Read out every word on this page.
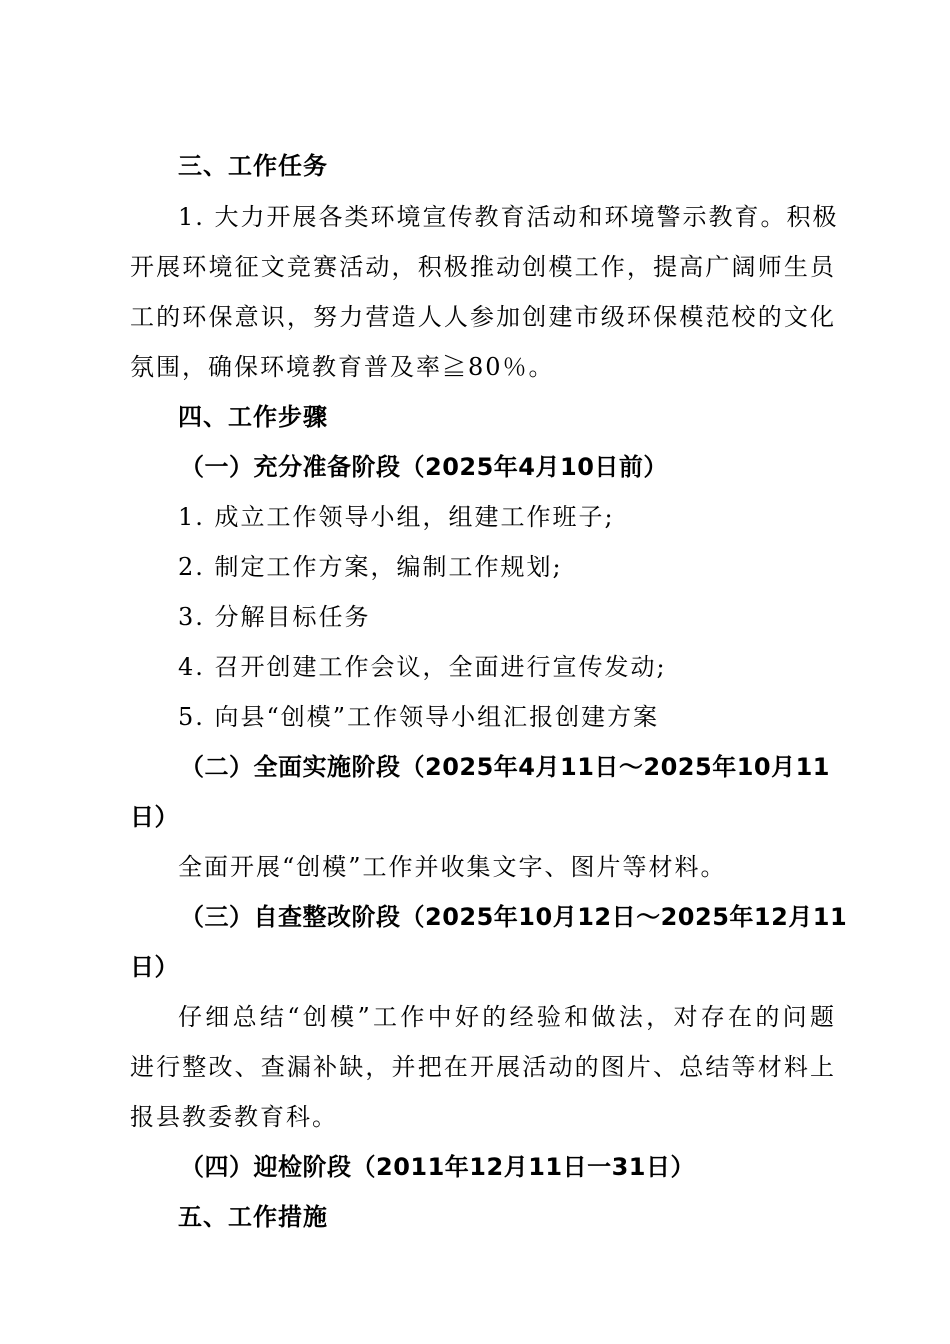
三、工作任务
1. 大力开展各类环境宣传教育活动和环境警示教育。积极
开展环境征文竞赛活动，积极推动创模工作，提高广阔师生员
工的环保意识，努力营造人人参加创建市级环保模范校的文化
氛围，确保环境教育普及率≧80％。
四、工作步骤
（一）充分准备阶段（2025年4月10日前）
1. 成立工作领导小组，组建工作班子;
2. 制定工作方案，编制工作规划;
3. 分解目标任务
4. 召开创建工作会议，全面进行宣传发动;
5. 向县“创模”工作领导小组汇报创建方案
（二）全面实施阶段（2025年4月11日～2025年10月11
日）
全面开展“创模”工作并收集文字、图片等材料。
（三）自查整改阶段（2025年10月12日～2025年12月11
日）
仔细总结“创模”工作中好的经验和做法，对存在的问题
进行整改、查漏补缺，并把在开展活动的图片、总结等材料上
报县教委教育科。
（四）迎检阶段（2011年12月11日一31日）
五、工作措施
